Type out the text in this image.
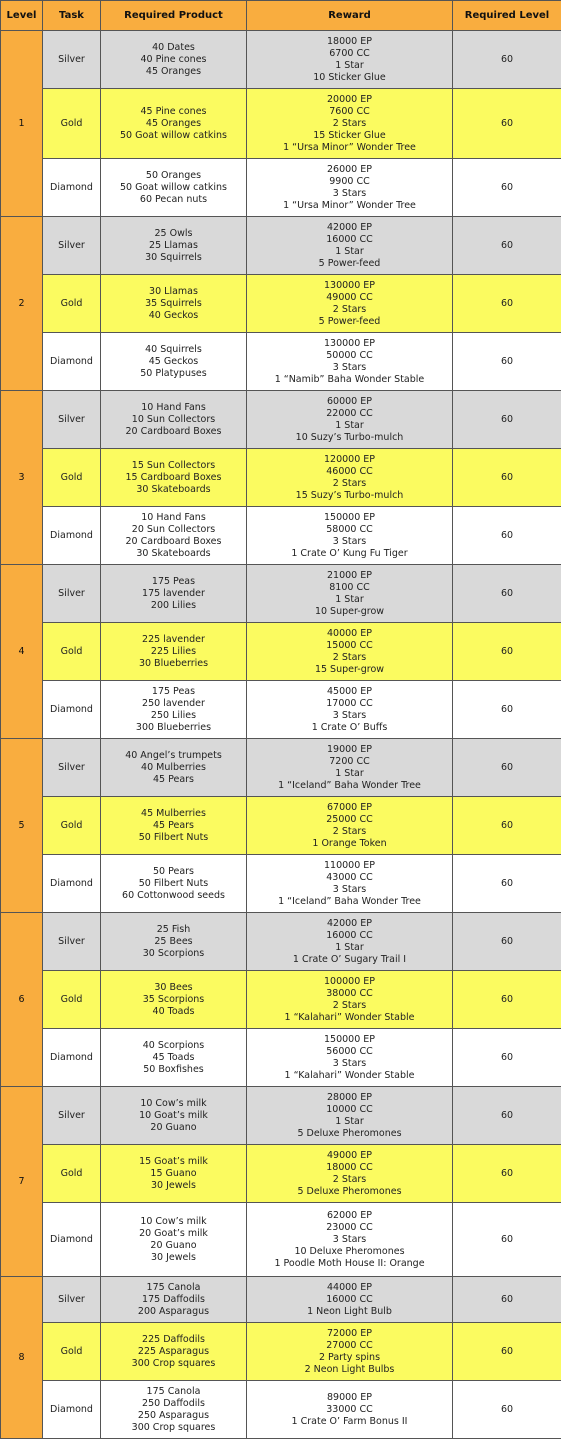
Level	Task	Required Product	Reward	Required Level
1	Silver	40 Dates
40 Pine cones
45 Oranges	18000 EP
6700 CC
1 Star
10 Sticker Glue	60
	Gold	45 Pine cones
45 Oranges
50 Goat willow catkins	20000 EP
7600 CC
2 Stars
15 Sticker Glue
1 “Ursa Minor” Wonder Tree	60
	Diamond	50 Oranges
50 Goat willow catkins
60 Pecan nuts	26000 EP
9900 CC
3 Stars
1 “Ursa Minor” Wonder Tree	60
2	Silver	25 Owls
25 Llamas
30 Squirrels	42000 EP
16000 CC
1 Star
5 Power-feed	60
	Gold	30 Llamas
35 Squirrels
40 Geckos	130000 EP
49000 CC
2 Stars
5 Power-feed	60
	Diamond	40 Squirrels
45 Geckos
50 Platypuses	130000 EP
50000 CC
3 Stars
1 “Namib” Baha Wonder Stable	60
3	Silver	10 Hand Fans
10 Sun Collectors
20 Cardboard Boxes	60000 EP
22000 CC
1 Star
10 Suzy’s Turbo-mulch	60
	Gold	15 Sun Collectors
15 Cardboard Boxes
30 Skateboards	120000 EP
46000 CC
2 Stars
15 Suzy’s Turbo-mulch	60
	Diamond	10 Hand Fans
20 Sun Collectors
20 Cardboard Boxes
30 Skateboards	150000 EP
58000 CC
3 Stars
1 Crate O’ Kung Fu Tiger	60
4	Silver	175 Peas
175 lavender
200 Lilies	21000 EP
8100 CC
1 Star
10 Super-grow	60
	Gold	225 lavender
225 Lilies
30 Blueberries	40000 EP
15000 CC
2 Stars
15 Super-grow	60
	Diamond	175 Peas
250 lavender
250 Lilies
300 Blueberries	45000 EP
17000 CC
3 Stars
1 Crate O’ Buffs	60
5	Silver	40 Angel’s trumpets
40 Mulberries
45 Pears	19000 EP
7200 CC
1 Star
1 “Iceland” Baha Wonder Tree	60
	Gold	45 Mulberries
45 Pears
50 Filbert Nuts	67000 EP
25000 CC
2 Stars
1 Orange Token	60
	Diamond	50 Pears
50 Filbert Nuts
60 Cottonwood seeds	110000 EP
43000 CC
3 Stars
1 “Iceland” Baha Wonder Tree	60
6	Silver	25 Fish
25 Bees
30 Scorpions	42000 EP
16000 CC
1 Star
1 Crate O’ Sugary Trail I	60
	Gold	30 Bees
35 Scorpions
40 Toads	100000 EP
38000 CC
2 Stars
1 “Kalahari” Wonder Stable	60
	Diamond	40 Scorpions
45 Toads
50 Boxfishes	150000 EP
56000 CC
3 Stars
1 “Kalahari” Wonder Stable	60
7	Silver	10 Cow’s milk
10 Goat’s milk
20 Guano	28000 EP
10000 CC
1 Star
5 Deluxe Pheromones	60
	Gold	15 Goat’s milk
15 Guano
30 Jewels	49000 EP
18000 CC
2 Stars
5 Deluxe Pheromones	60
	Diamond	10 Cow’s milk
20 Goat’s milk
20 Guano
30 Jewels	62000 EP
23000 CC
3 Stars
10 Deluxe Pheromones
1 Poodle Moth House II: Orange	60
8	Silver	175 Canola
175 Daffodils
200 Asparagus	44000 EP
16000 CC
1 Neon Light Bulb	60
	Gold	225 Daffodils
225 Asparagus
300 Crop squares	72000 EP
27000 CC
2 Party spins
2 Neon Light Bulbs	60
	Diamond	175 Canola
250 Daffodils
250 Asparagus
300 Crop squares	89000 EP
33000 CC
1 Crate O’ Farm Bonus II	60
